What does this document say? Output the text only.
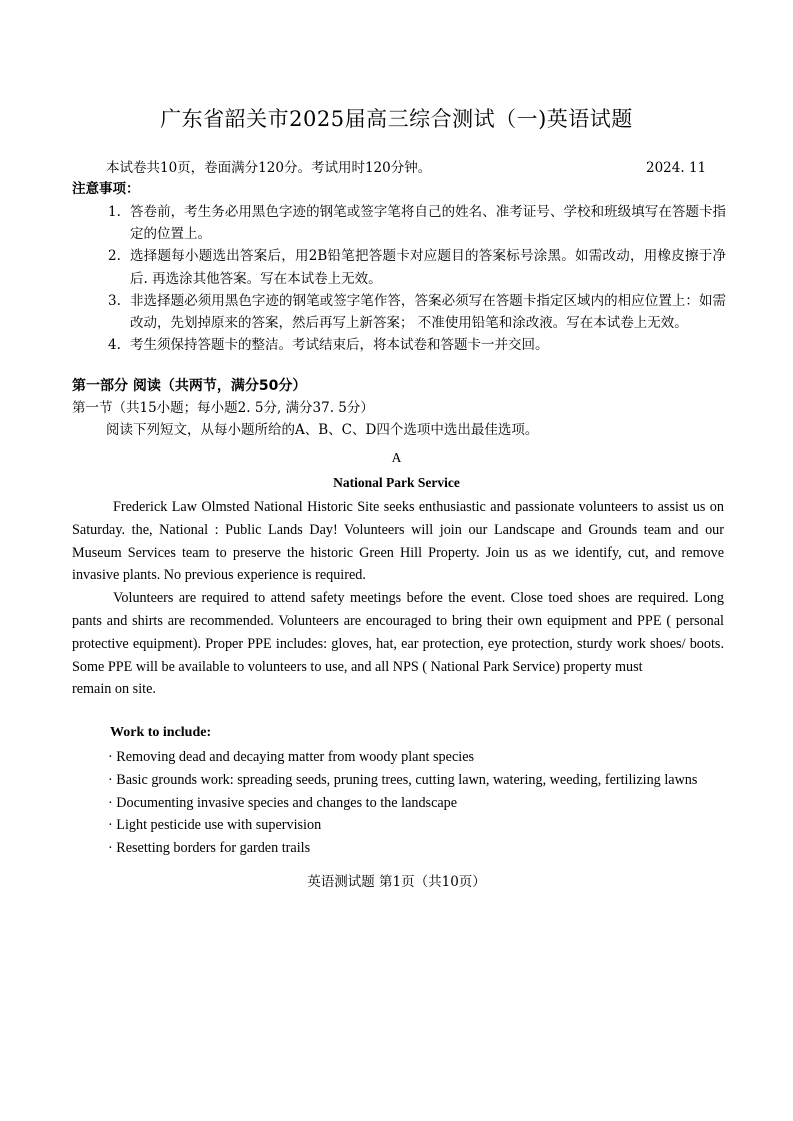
广东省韶关市2025届高三综合测试（一)英语试题
本试卷共10页，卷面满分120分。考试用时120分钟。	2024. 11
注意事项：
1. 答卷前，考生务必用黑色字迹的钢笔或签字笔将自己的姓名、准考证号、学校和班级填写在答题卡指定的位置上。
2. 选择题每小题选出答案后，用2B铅笔把答题卡对应题目的答案标号涂黑。如需改动，用橡皮擦于净后. 再选涂其他答案。写在本试卷上无效。
3. 非选择题必须用黑色字迹的钢笔或签字笔作答，答案必须写在答题卡指定区域内的相应位置上：如需改动，先划掉原来的答案，然后再写上新答案； 不准使用铅笔和涂改液。写在本试卷上无效。
4. 考生须保持答题卡的整洁。考试结束后，将本试卷和答题卡一并交回。
第一部分 阅读（共两节，满分50分）
第一节（共15小题；每小题2. 5分, 满分37. 5分）
阅读下列短文，从每小题所给的A、B、C、D四个选项中选出最佳选项。
A
National Park Service

Frederick Law Olmsted National Historic Site seeks enthusiastic and passionate volunteers to assist us on Saturday. the, National : Public Lands Day! Volunteers will join our Landscape and Grounds team and our Museum Services team to preserve the historic Green Hill Property. Join us as we identify, cut, and remove invasive plants. No previous experience is required.

Volunteers are required to attend safety meetings before the event. Close toed shoes are required. Long pants and shirts are recommended. Volunteers are encouraged to bring their own equipment and PPE ( personal protective equipment). Proper PPE includes: gloves, hat, ear protection, eye protection, sturdy work shoes/ boots. Some PPE will be available to volunteers to use, and all NPS ( National Park Service) property must

remain on site.

Work to include:
· Removing dead and decaying matter from woody plant species
· Basic grounds work: spreading seeds, pruning trees, cutting lawn, watering, weeding, fertilizing lawns
· Documenting invasive species and changes to the landscape
· Light pesticide use with supervision
· Resetting borders for garden trails
英语测试题 第1页（共10页）
